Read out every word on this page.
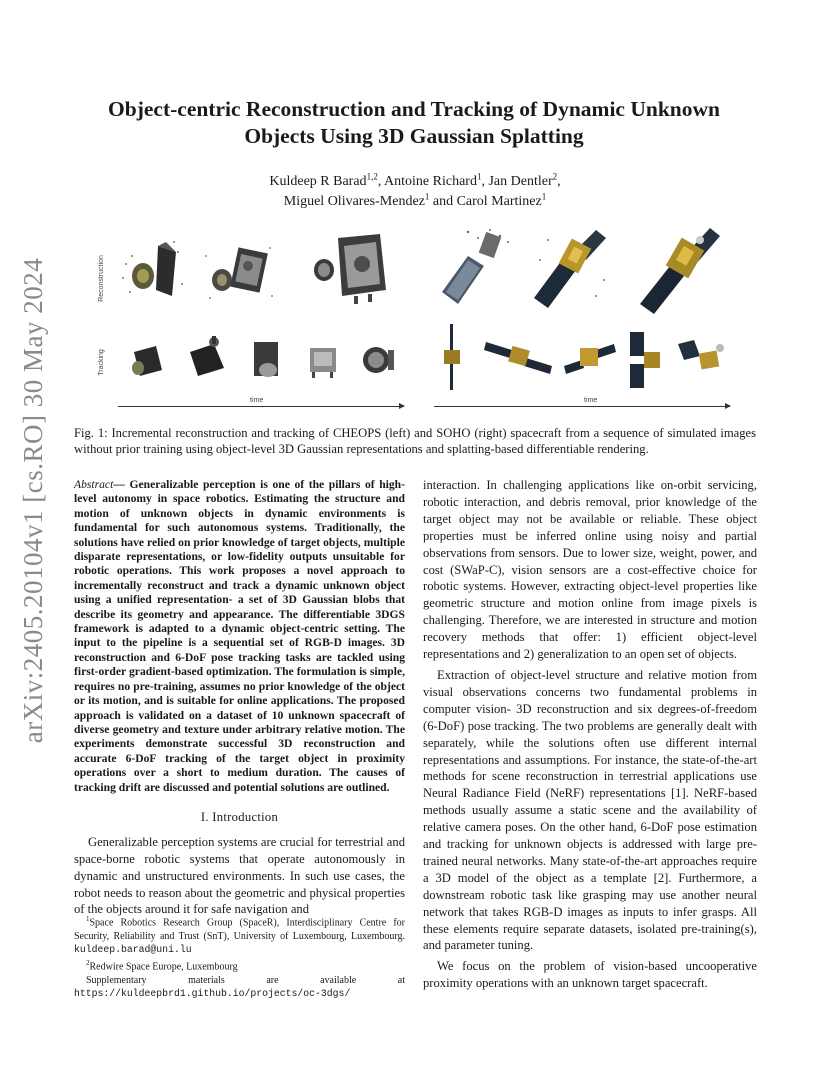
arXiv:2405.20104v1 [cs.RO] 30 May 2024
Object-centric Reconstruction and Tracking of Dynamic Unknown Objects Using 3D Gaussian Splatting
Kuldeep R Barad$^{1,2}$, Antoine Richard$^1$, Jan Dentler$^2$,
Miguel Olivares-Mendez$^1$ and Carol Martinez$^1$
Reconstruction
Tracking
time	time
Fig. 1: Incremental reconstruction and tracking of CHEOPS (left) and SOHO (right) spacecraft from a sequence of simulated images without prior training using object-level 3D Gaussian representations and splatting-based differentiable rendering.

Abstract— Generalizable perception is one of the pillars of high-level autonomy in space robotics. Estimating the structure and motion of unknown objects in dynamic environments is fundamental for such autonomous systems. Traditionally, the solutions have relied on prior knowledge of target objects, multiple disparate representations, or low-fidelity outputs unsuitable for robotic operations. This work proposes a novel approach to incrementally reconstruct and track a dynamic unknown object using a unified representation- a set of 3D Gaussian blobs that describe its geometry and appearance. The differentiable 3DGS framework is adapted to a dynamic object-centric setting. The input to the pipeline is a sequential set of RGB-D images. 3D reconstruction and 6-DoF pose tracking tasks are tackled using first-order gradient-based optimization. The formulation is simple, requires no pre-training, assumes no prior knowledge of the object or its motion, and is suitable for online applications. The proposed approach is validated on a dataset of 10 unknown spacecraft of diverse geometry and texture under arbitrary relative motion. The experiments demonstrate successful 3D reconstruction and accurate 6-DoF tracking of the target object in proximity operations over a short to medium duration. The causes of tracking drift are discussed and potential solutions are outlined.

I. Introduction

Generalizable perception systems are crucial for terrestrial and space-borne robotic systems that operate autonomously in dynamic and unstructured environments. In such use cases, the robot needs to reason about the geometric and physical properties of the objects around it for safe navigation and

$^1$Space Robotics Research Group (SpaceR), Interdisciplinary Centre for Security, Reliability and Trust (SnT), University of Luxembourg, Luxembourg. kuldeep.barad@uni.lu

$^2$Redwire Space Europe, Luxembourg

Supplementary materials are available at https://kuldeepbrd1.github.io/projects/oc-3dgs/

interaction. In challenging applications like on-orbit servicing, robotic interaction, and debris removal, prior knowledge of the target object may not be available or reliable. These object properties must be inferred online using noisy and partial observations from sensors. Due to lower size, weight, power, and cost (SWaP-C), vision sensors are a cost-effective choice for robotic systems. However, extracting object-level properties like geometric structure and motion online from image pixels is challenging. Therefore, we are interested in structure and motion recovery methods that offer: 1) efficient object-level representations and 2) generalization to an open set of objects.

Extraction of object-level structure and relative motion from visual observations concerns two fundamental problems in computer vision- 3D reconstruction and six degrees-of-freedom (6-DoF) pose tracking. The two problems are generally dealt with separately, while the solutions often use different internal representations and assumptions. For instance, the state-of-the-art methods for scene reconstruction in terrestrial applications use Neural Radiance Field (NeRF) representations [1]. NeRF-based methods usually assume a static scene and the availability of relative camera poses. On the other hand, 6-DoF pose estimation and tracking for unknown objects is addressed with large pre-trained neural networks. Many state-of-the-art approaches require a 3D model of the object as a template [2]. Furthermore, a downstream robotic task like grasping may use another neural network that takes RGB-D images as inputs to infer grasps. All these elements require separate datasets, isolated pre-training(s), and parameter tuning.

We focus on the problem of vision-based uncooperative proximity operations with an unknown target spacecraft.
